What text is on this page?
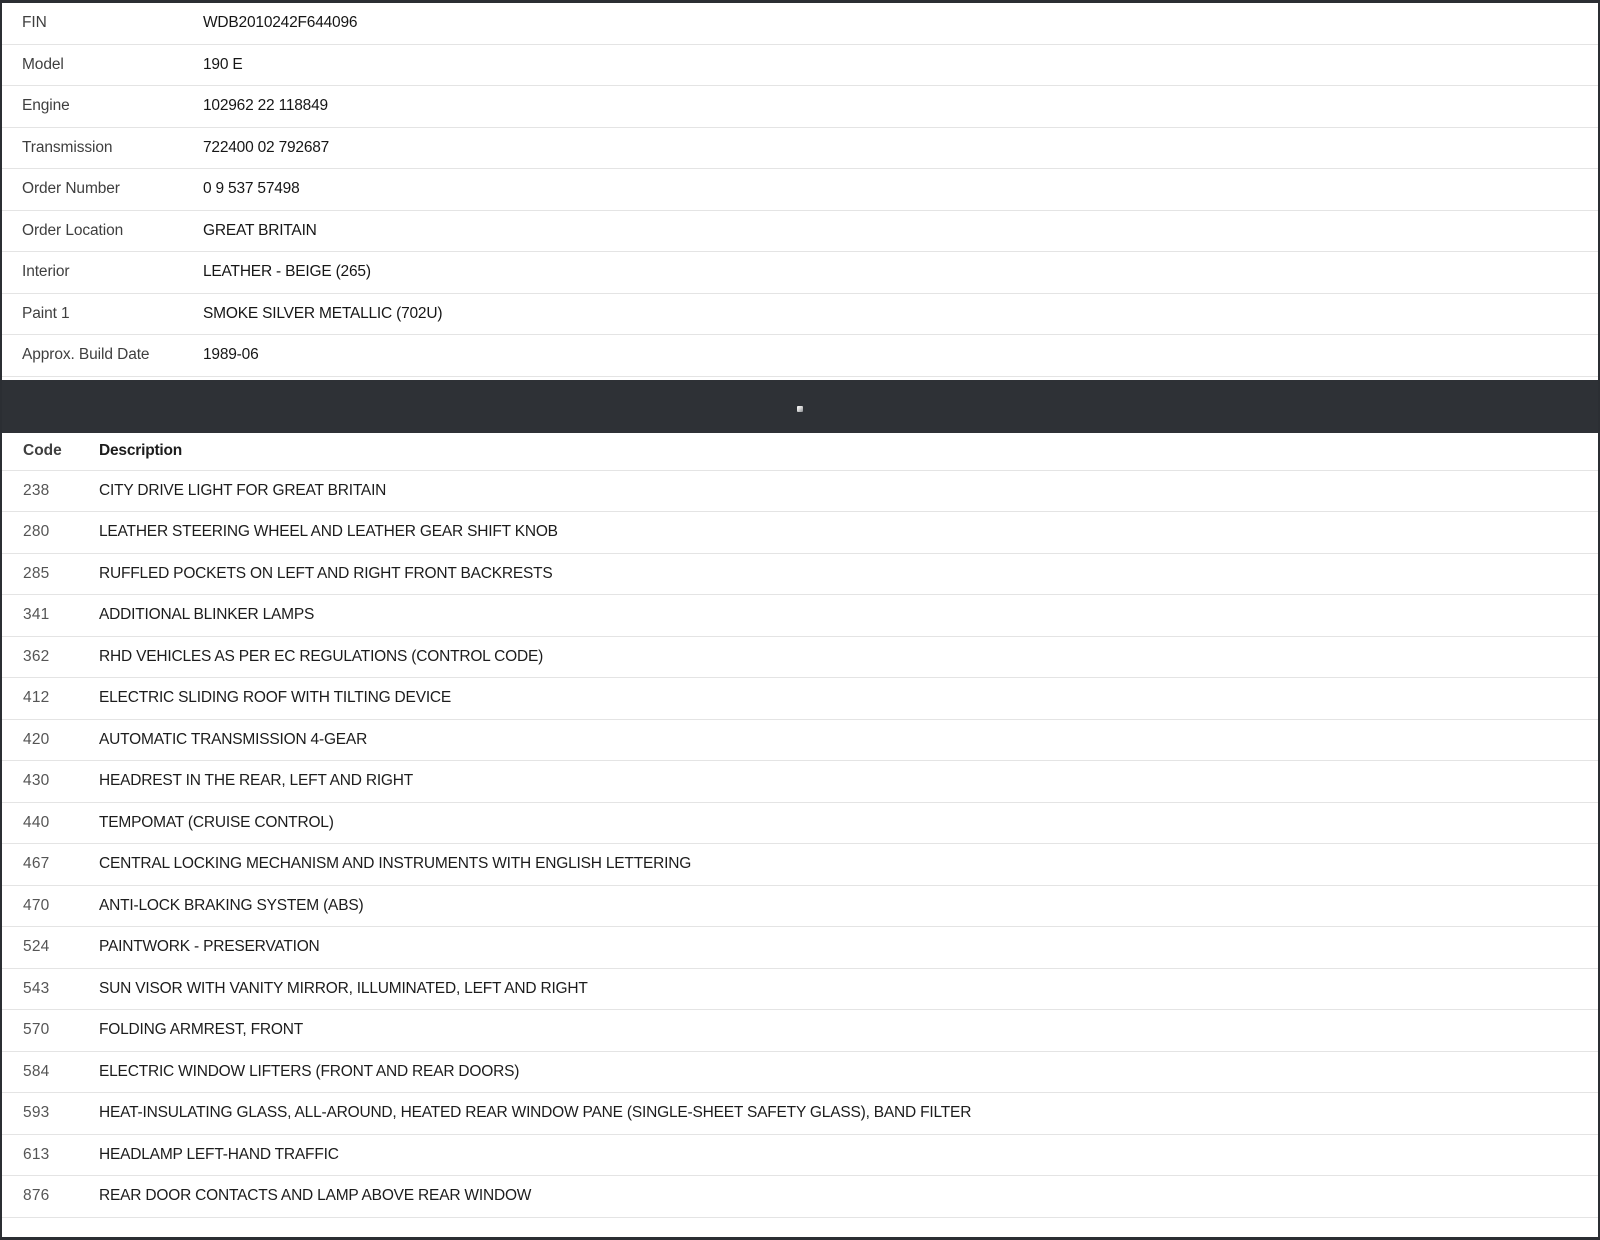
FIN	WDB2010242F644096
Model	190 E
Engine	102962 22 118849
Transmission	722400 02 792687
Order Number	0 9 537 57498
Order Location	GREAT BRITAIN
Interior	LEATHER - BEIGE (265)
Paint 1	SMOKE SILVER METALLIC (702U)
Approx. Build Date	1989-06
Code	Description
238	CITY DRIVE LIGHT FOR GREAT BRITAIN
280	LEATHER STEERING WHEEL AND LEATHER GEAR SHIFT KNOB
285	RUFFLED POCKETS ON LEFT AND RIGHT FRONT BACKRESTS
341	ADDITIONAL BLINKER LAMPS
362	RHD VEHICLES AS PER EC REGULATIONS (CONTROL CODE)
412	ELECTRIC SLIDING ROOF WITH TILTING DEVICE
420	AUTOMATIC TRANSMISSION 4-GEAR
430	HEADREST IN THE REAR, LEFT AND RIGHT
440	TEMPOMAT (CRUISE CONTROL)
467	CENTRAL LOCKING MECHANISM AND INSTRUMENTS WITH ENGLISH LETTERING
470	ANTI-LOCK BRAKING SYSTEM (ABS)
524	PAINTWORK - PRESERVATION
543	SUN VISOR WITH VANITY MIRROR, ILLUMINATED, LEFT AND RIGHT
570	FOLDING ARMREST, FRONT
584	ELECTRIC WINDOW LIFTERS (FRONT AND REAR DOORS)
593	HEAT-INSULATING GLASS, ALL-AROUND, HEATED REAR WINDOW PANE (SINGLE-SHEET SAFETY GLASS), BAND FILTER
613	HEADLAMP LEFT-HAND TRAFFIC
876	REAR DOOR CONTACTS AND LAMP ABOVE REAR WINDOW
